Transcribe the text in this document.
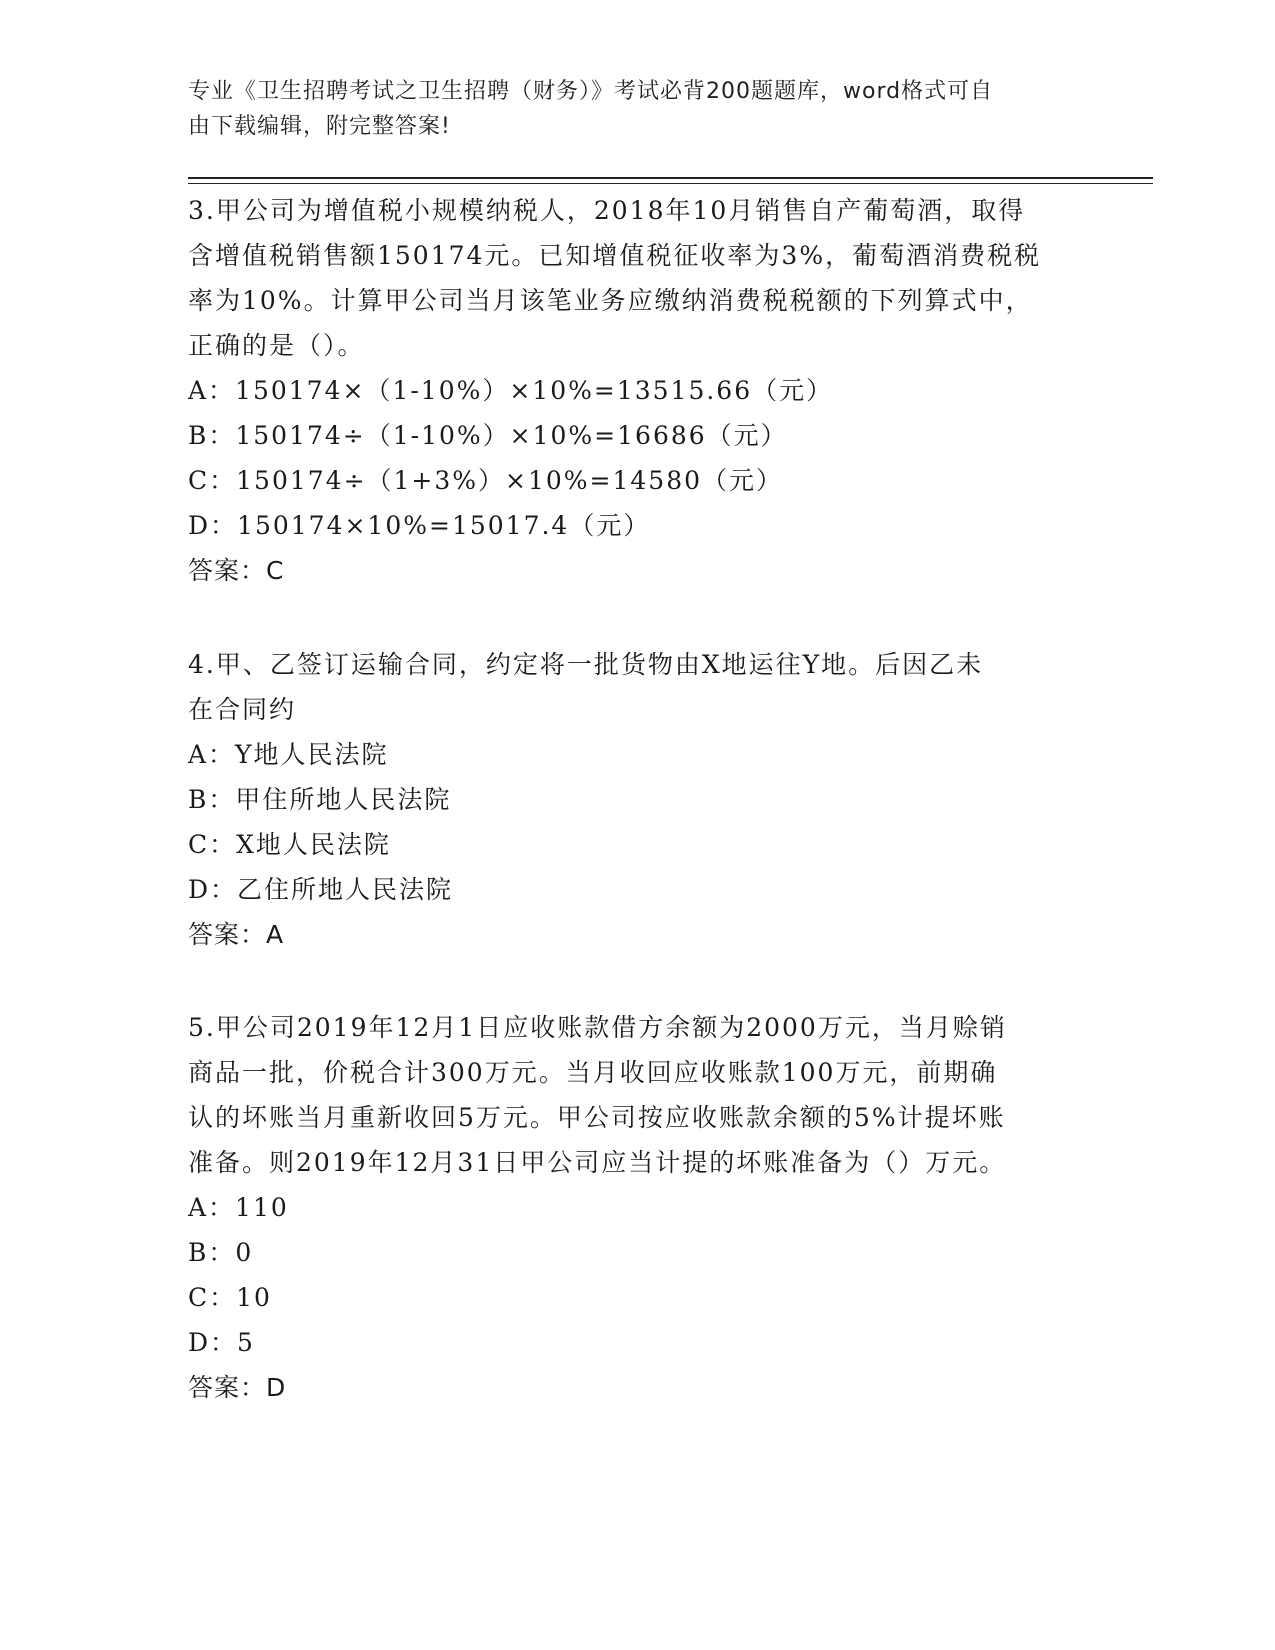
专业《卫生招聘考试之卫生招聘（财务）》考试必背200题题库，word格式可自
由下载编辑，附完整答案!

3.甲公司为增值税小规模纳税人，2018年10月销售自产葡萄酒，取得

含增值税销售额150174元。已知增值税征收率为3%，葡萄酒消费税税

率为10%。计算甲公司当月该笔业务应缴纳消费税税额的下列算式中，

正确的是（）。

A：150174×（1-10%）×10%=13515.66（元）

B：150174÷（1-10%）×10%=16686（元）

C：150174÷（1+3%）×10%=14580（元）

D：150174×10%=15017.4（元）

答案：C

4.甲、乙签订运输合同，约定将一批货物由X地运往Y地。后因乙未

在合同约

A：Y地人民法院

B：甲住所地人民法院

C：X地人民法院

D：乙住所地人民法院

答案：A

5.甲公司2019年12月1日应收账款借方余额为2000万元，当月赊销

商品一批，价税合计300万元。当月收回应收账款100万元，前期确

认的坏账当月重新收回5万元。甲公司按应收账款余额的5%计提坏账

准备。则2019年12月31日甲公司应当计提的坏账准备为（）万元。

A：110

B：0

C：10

D：5

答案：D
